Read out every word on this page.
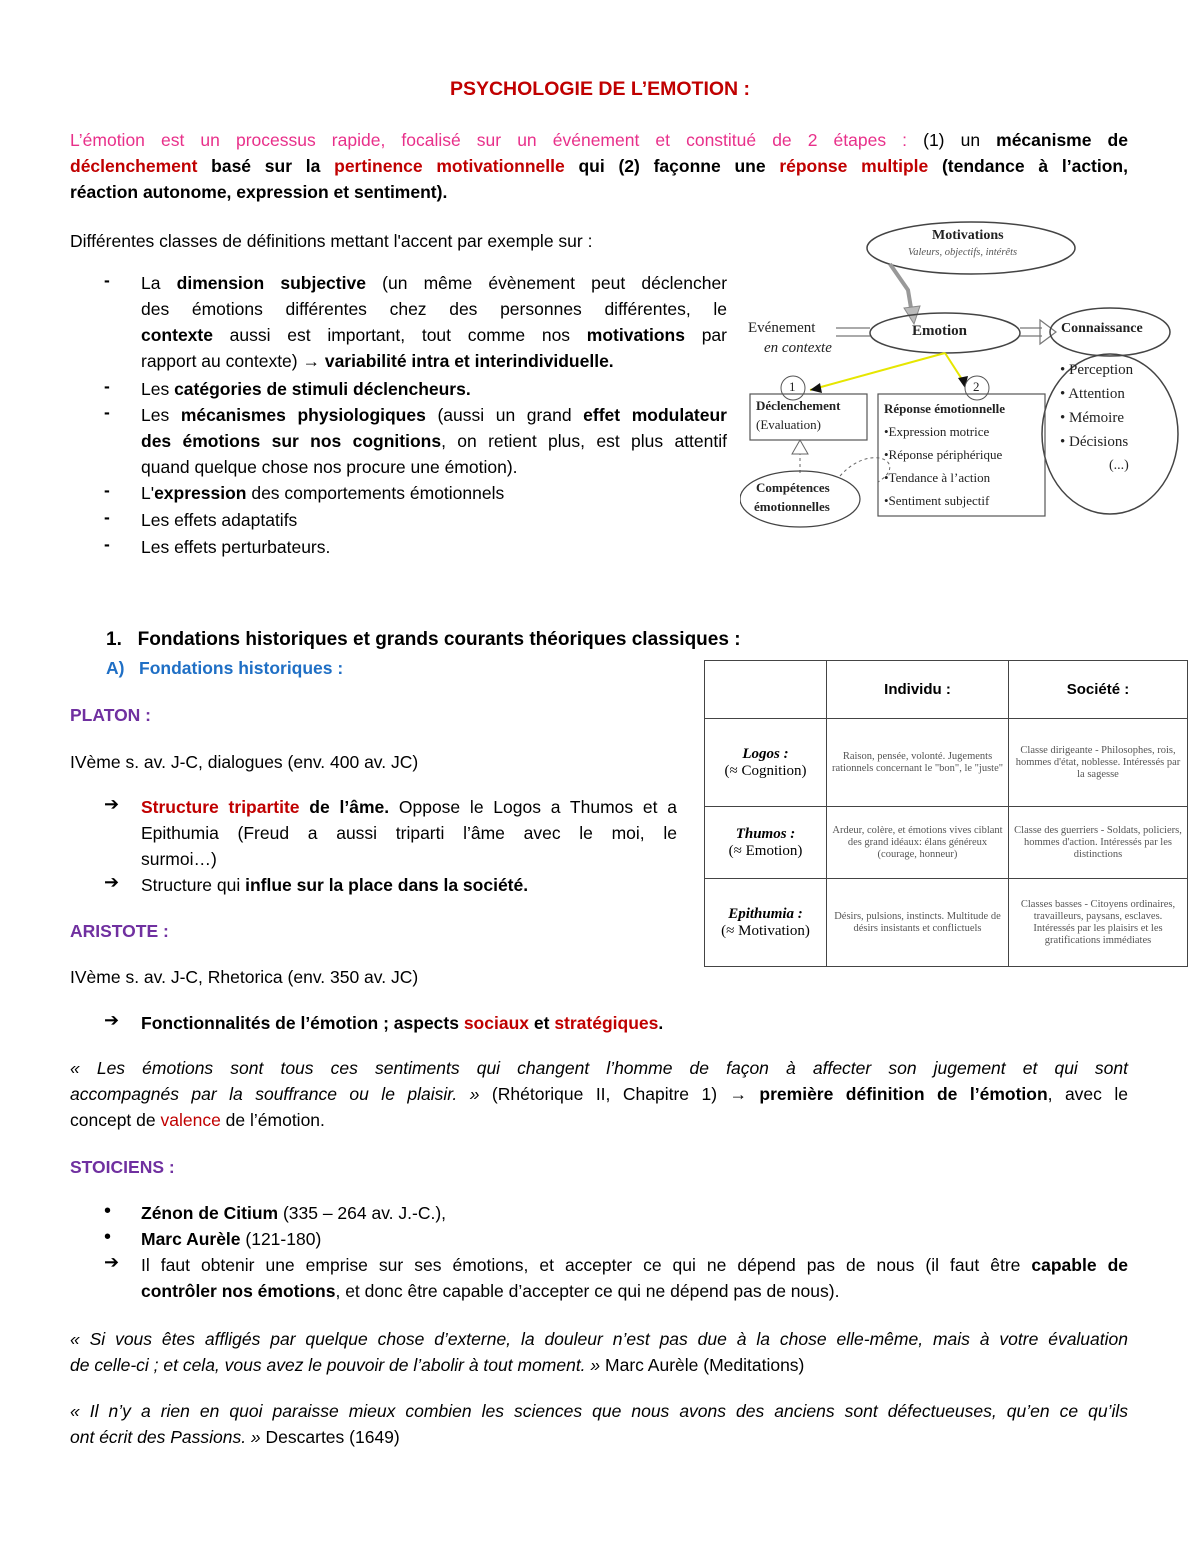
PSYCHOLOGIE DE L’EMOTION :
L’émotion est un processus rapide, focalisé sur un événement et constitué de 2 étapes : (1) un mécanisme de
déclenchement basé sur la pertinence motivationnelle qui (2) façonne une réponse multiple (tendance à l’action,
réaction autonome, expression et sentiment).
Différentes classes de définitions mettant l'accent par exemple sur :
- La dimension subjective (un même évènement peut déclencher
des émotions différentes chez des personnes différentes, le
contexte aussi est important, tout comme nos motivations par
rapport au contexte) → variabilité intra et interindividuelle.
- Les catégories de stimuli déclencheurs.
- Les mécanismes physiologiques (aussi un grand effet modulateur
des émotions sur nos cognitions, on retient plus, est plus attentif
quand quelque chose nos procure une émotion).
- L'expression des comportements émotionnels
- Les effets adaptatifs
- Les effets perturbateurs.
Motivations
Valeurs, objectifs, intérêts
Evénement
en contexte
Emotion	Connaissance
1	2
Déclenchement
(Evaluation)
Réponse émotionnelle
•Expression motrice
•Réponse périphérique
•Tendance à l’action
•Sentiment subjectif
• Perception
• Attention
• Mémoire
• Décisions
(...)
Compétences
émotionnelles
1.   Fondations historiques et grands courants théoriques classiques :
A)   Fondations historiques :
PLATON :
IVème s. av. J-C, dialogues (env. 400 av. JC)
➔ Structure tripartite de l’âme. Oppose le Logos a Thumos et a
Epithumia (Freud a aussi triparti l’âme avec le moi, le
surmoi…)
➔ Structure qui influe sur la place dans la société.
	Individu :	Société :

Logos :
(≈ Cognition)	Raison, pensée, volonté. Jugements rationnels concernant le "bon", le "juste"	Classe dirigeante - Philosophes, rois, hommes d'état, noblesse. Intéressés par la sagesse

Thumos :
(≈ Emotion)	Ardeur, colère, et émotions vives ciblant des grand idéaux: élans généreux (courage, honneur)	Classe des guerriers - Soldats, policiers, hommes d'action. Intéressés par les distinctions

Epithumia :
(≈ Motivation)	Désirs, pulsions, instincts. Multitude de désirs insistants et conflictuels	Classes basses - Citoyens ordinaires, travailleurs, paysans, esclaves. Intéressés par les plaisirs et les gratifications immédiates
ARISTOTE :
IVème s. av. J-C, Rhetorica (env. 350 av. JC)
➔ Fonctionnalités de l’émotion ; aspects sociaux et stratégiques.
« Les émotions sont tous ces sentiments qui changent l’homme de façon à affecter son jugement et qui sont
accompagnés par la souffrance ou le plaisir. » (Rhétorique II, Chapitre 1) → première définition de l’émotion, avec le
concept de valence de l’émotion.
STOICIENS :
• Zénon de Citium (335 – 264 av. J.-C.),
• Marc Aurèle (121-180)
➔ Il faut obtenir une emprise sur ses émotions, et accepter ce qui ne dépend pas de nous (il faut être capable de
contrôler nos émotions, et donc être capable d’accepter ce qui ne dépend pas de nous).
« Si vous êtes affligés par quelque chose d’externe, la douleur n’est pas due à la chose elle-même, mais à votre évaluation
de celle-ci ; et cela, vous avez le pouvoir de l’abolir à tout moment. » Marc Aurèle (Meditations)
« Il n’y a rien en quoi paraisse mieux combien les sciences que nous avons des anciens sont défectueuses, qu’en ce qu’ils
ont écrit des Passions. » Descartes (1649)
